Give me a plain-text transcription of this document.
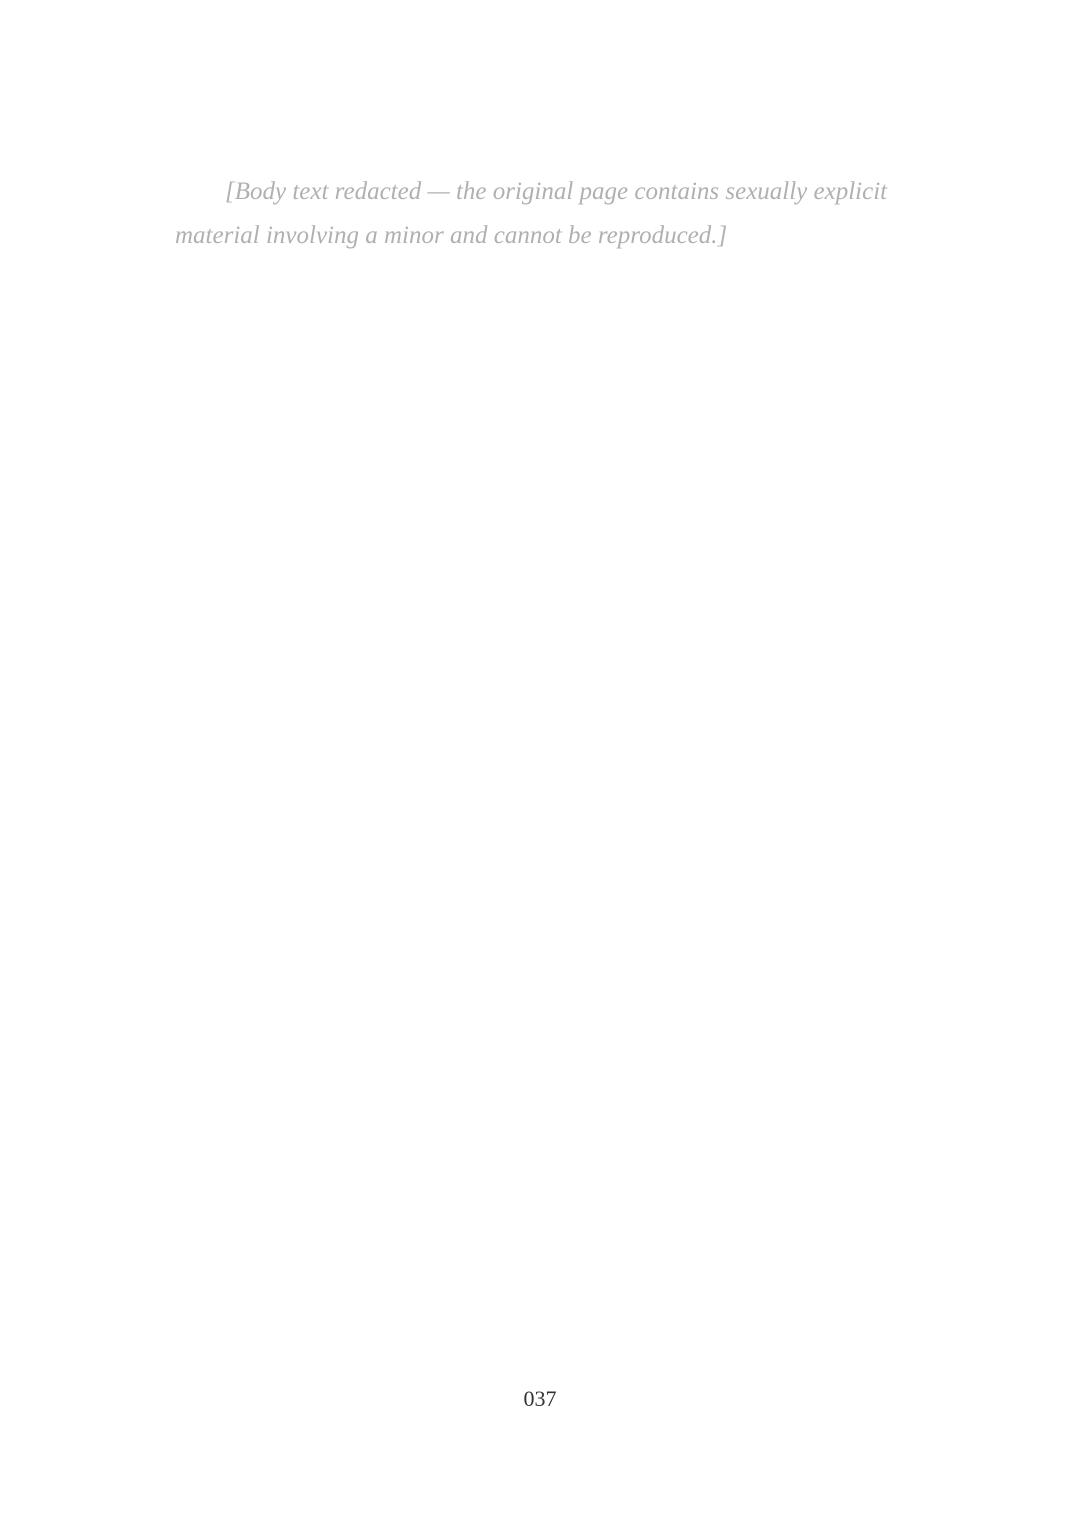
[Body text redacted — the original page contains sexually explicit material involving a minor and cannot be reproduced.]

037
